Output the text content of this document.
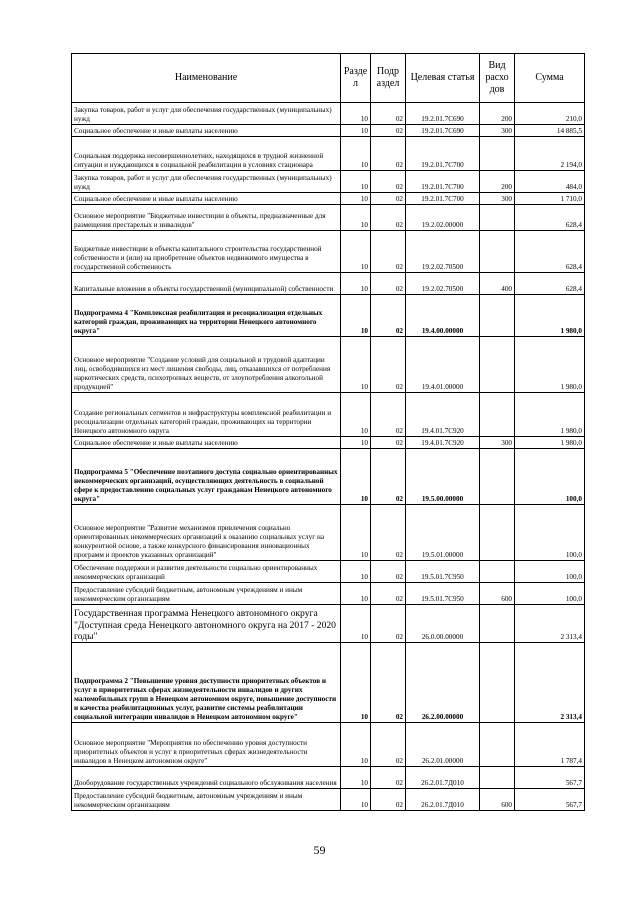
Наименование	Разде л	Подр аздел	Целевая статья	Вид расхо дов	Сумма
Закупка товаров, работ и услуг для обеспечения государственных (муниципальных) нужд	10	02	19.2.01.7С690	200	210,0
Социальное обеспечение и иные выплаты населению	10	02	19.2.01.7С690	300	14 885,5
Социальная поддержка несовершеннолетних, находящихся в трудной жизненной ситуации и нуждающихся в социальной реабилитации в условиях стационара	10	02	19.2.01.7С700		2 194,0
Закупка товаров, работ и услуг для обеспечения государственных (муниципальных) нужд	10	02	19.2.01.7С700	200	484,0
Социальное обеспечение и иные выплаты населению	10	02	19.2.01.7С700	300	1 710,0
Основное мероприятие "Бюджетные инвестиции в объекты, предназначенные для размещения престарелых и инвалидов"	10	02	19.2.02.00000		628,4
Бюджетные инвестиции в объекты капитального строительства государственной собственности и (или) на приобретение объектов недвижимого имущества в государственной собственность	10	02	19.2.02.70500		628,4
Капитальные вложения в объекты государственной (муниципальной) собственности	10	02	19.2.02.70500	400	628,4
Подпрограмма 4 "Комплексная реабилитация и ресоциализация отдельных категорий граждан, проживающих на территории Ненецкого автономного округа"	10	02	19.4.00.00000		1 980,0
Основное мероприятие "Создание условий для социальной и трудовой адаптации лиц, освободившихся из мест лишения свободы, лиц, отказавшихся от потребления наркотических средств, психотропных веществ, от злоупотребления алкогольной продукцией"	10	02	19.4.01.00000		1 980,0
Создание региональных сегментов и инфраструктуры комплексной реабилитации и ресоциализации отдельных категорий граждан, проживающих на территории Ненецкого автономного округа	10	02	19.4.01.7С920		1 980,0
Социальное обеспечение и иные выплаты населению	10	02	19.4.01.7С920	300	1 980,0
Подпрограмма 5 "Обеспечение поэтапного доступа социально ориентированных некоммерческих организаций, осуществляющих деятельность в социальной сфере к предоставлению социальных услуг гражданам Ненецкого автономного округа"	10	02	19.5.00.00000		100,0
Основное мероприятие "Развитие механизмов привлечения социально ориентированных некоммерческих организаций к оказанию социальных услуг на конкурентной основе, а также конкурсного финансирования инновационных программ и проектов указанных организаций"	10	02	19.5.01.00000		100,0
Обеспечение поддержки и развития деятельности социально ориентированных некоммерческих организаций	10	02	19.5.01.7С950		100,0
Предоставление субсидий бюджетным, автономным учреждениям и иным некоммерческим организациям	10	02	19.5.01.7С950	600	100,0
Государственная программа Ненецкого автономного округа "Доступная среда Ненецкого автономного округа на 2017 - 2020 годы"	10	02	26.0.00.00000		2 313,4
Подпрограмма 2 "Повышение уровня доступности приоритетных объектов и услуг в приоритетных сферах жизнедеятельности инвалидов и других маломобильных групп в Ненецком автономном округе, повышение доступности и качества реабилитационных услуг, развитие системы реабилитации социальной интеграции инвалидов в Ненецком автономном округе"	10	02	26.2.00.00000		2 313,4
Основное мероприятие "Мероприятия по обеспечению уровня доступности приоритетных объектов и услуг в приоритетных сферах жизнедеятельности инвалидов в Ненецком автономном округе"	10	02	26.2.01.00000		1 787,4
Дооборудование государственных учреждений социального обслуживания населения	10	02	26.2.01.7Д010		567,7
Предоставление субсидий бюджетным, автономным учреждениям и иным некоммерческим организациям	10	02	26.2.01.7Д010	600	567,7
59
